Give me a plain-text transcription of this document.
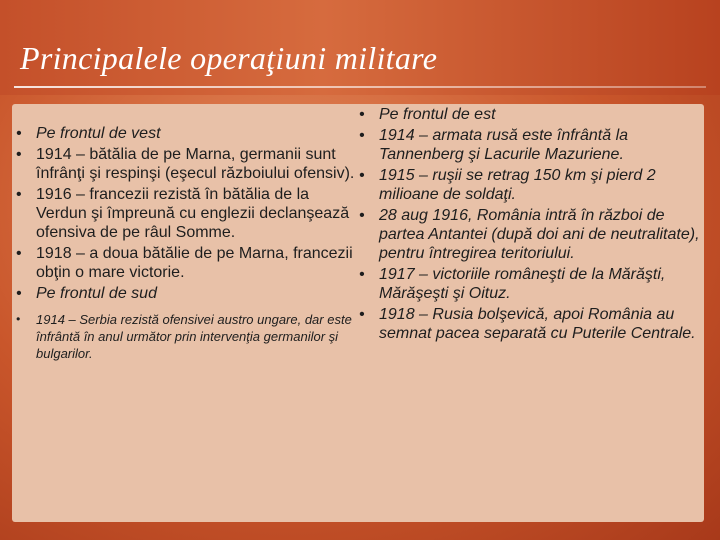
Principalele operaţiuni militare
• Pe frontul de vest
• 1914 – bătălia de pe Marna, germanii sunt înfrânţi şi respinşi (eşecul războiului ofensiv).
• 1916 – francezii rezistă în bătălia de la Verdun şi împreună cu englezii declanşează ofensiva de pe râul Somme.
• 1918 – a doua bătălie de pe Marna, francezii obţin o mare victorie.
• Pe frontul de sud
• 1914 – Serbia rezistă ofensivei austro ungare, dar este înfrântă în anul următor prin intervenţia germanilor şi bulgarilor.
• Pe frontul de est
• 1914 – armata rusă este înfrântă la Tannenberg şi Lacurile Mazuriene.
• 1915 – ruşii se retrag 150 km şi pierd 2 milioane de soldaţi.
• 28 aug 1916, România intră în război de partea Antantei (după doi ani de neutralitate), pentru întregirea teritoriului.
• 1917 – victoriile româneşti de la Mărăşti, Mărăşeşti şi Oituz.
• 1918 – Rusia bolşevică, apoi România au semnat pacea separată cu Puterile Centrale.
